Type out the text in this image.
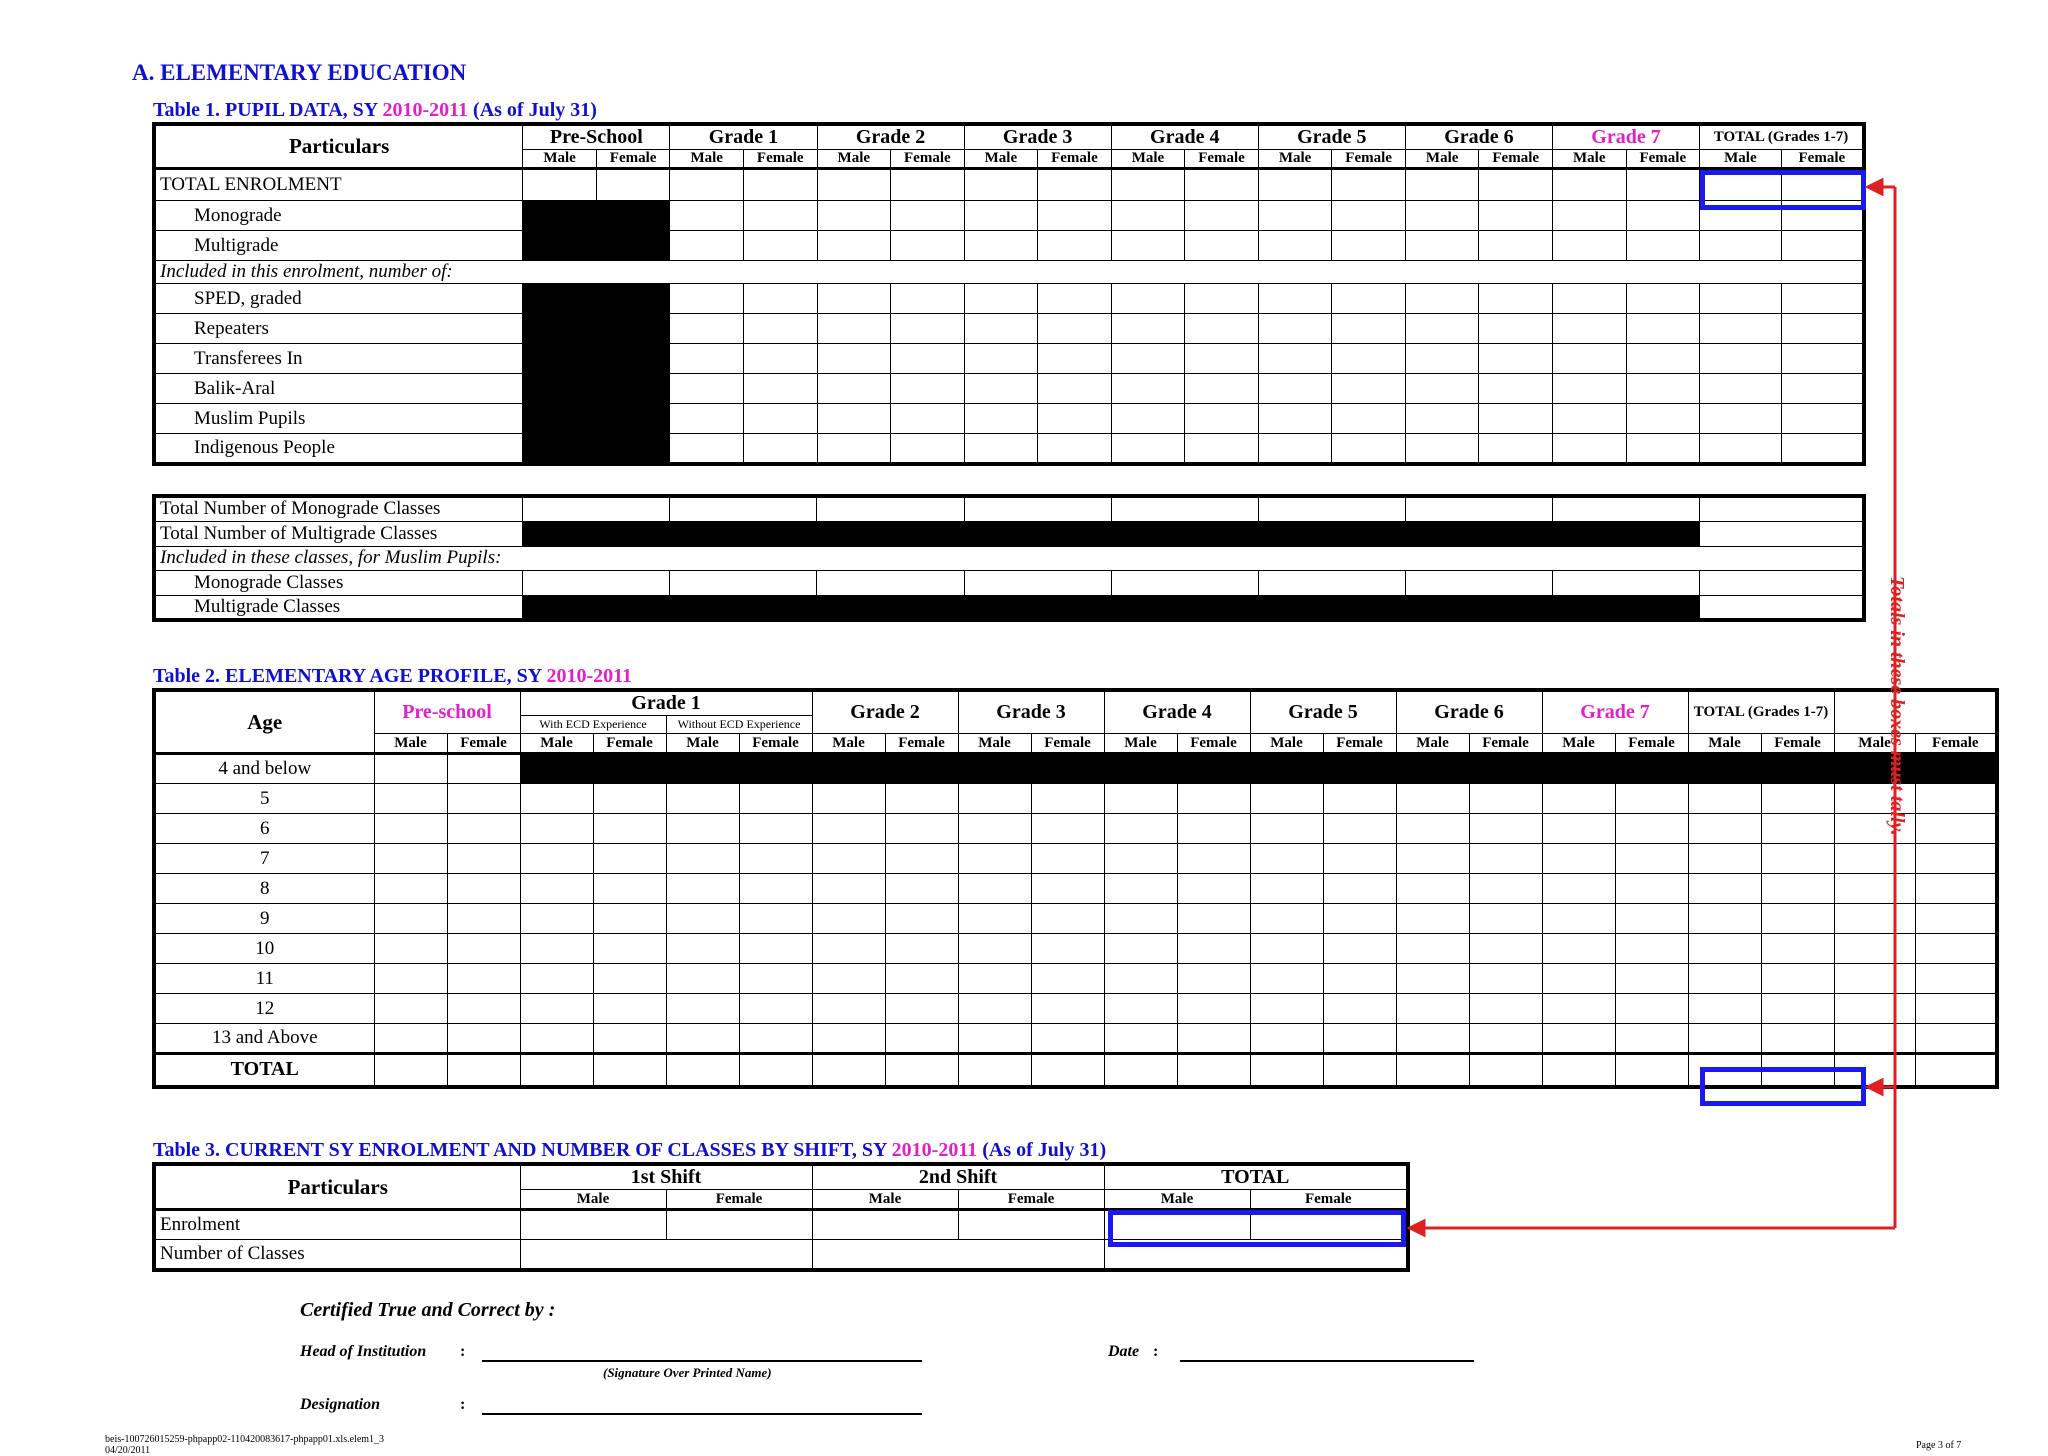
A. ELEMENTARY EDUCATION
Table 1. PUPIL DATA, SY 2010-2011 (As of July 31)
Particulars	Pre-School		Grade 1		Grade 2		Grade 3		Grade 4		Grade 5		Grade 6		Grade 7		TOTAL (Grades 1-7)	
	Male	Female	Male	Female	Male	Female	Male	Female	Male	Female	Male	Female	Male	Female	Male	Female	Male	Female
TOTAL ENROLMENT																		
Monograde																		
Multigrade																		
Included in this enrolment, number of:																		
SPED, graded																		
Repeaters																		
Transferees In																		
Balik-Aral																		
Muslim Pupils																		
Indigenous People																		
Total Number of Monograde Classes									
Total Number of Multigrade Classes									
Included in these classes, for Muslim Pupils:									
Monograde Classes									
Multigrade Classes									
Table 2. ELEMENTARY AGE PROFILE, SY 2010-2011
Age	Pre-school		Grade 1				Grade 2		Grade 3		Grade 4		Grade 5		Grade 6		Grade 7		TOTAL (Grades 1-7)			
			With ECD Experience		Without ECD Experience																	
	Male	Female	Male	Female	Male	Female	Male	Female	Male	Female	Male	Female	Male	Female	Male	Female	Male	Female	Male	Female	Male	Female
4 and below																						
5																						
6																						
7																						
8																						
9																						
10																						
11																						
12																						
13 and Above																						
TOTAL																						
Table 3. CURRENT SY ENROLMENT AND NUMBER OF CLASSES BY SHIFT, SY 2010-2011 (As of July 31)
Particulars	1st Shift		2nd Shift		TOTAL	
	Male	Female	Male	Female	Male	Female
Enrolment						
Number of Classes						
Totals in these boxes must tally.
Certified True and Correct by :
Head of Institution :
(Signature Over Printed Name)
Date :
Designation	:
beis-100726015259-phpapp02-110420083617-phpapp01.xls.elem1_3
04/20/2011	Page 3 of 7
